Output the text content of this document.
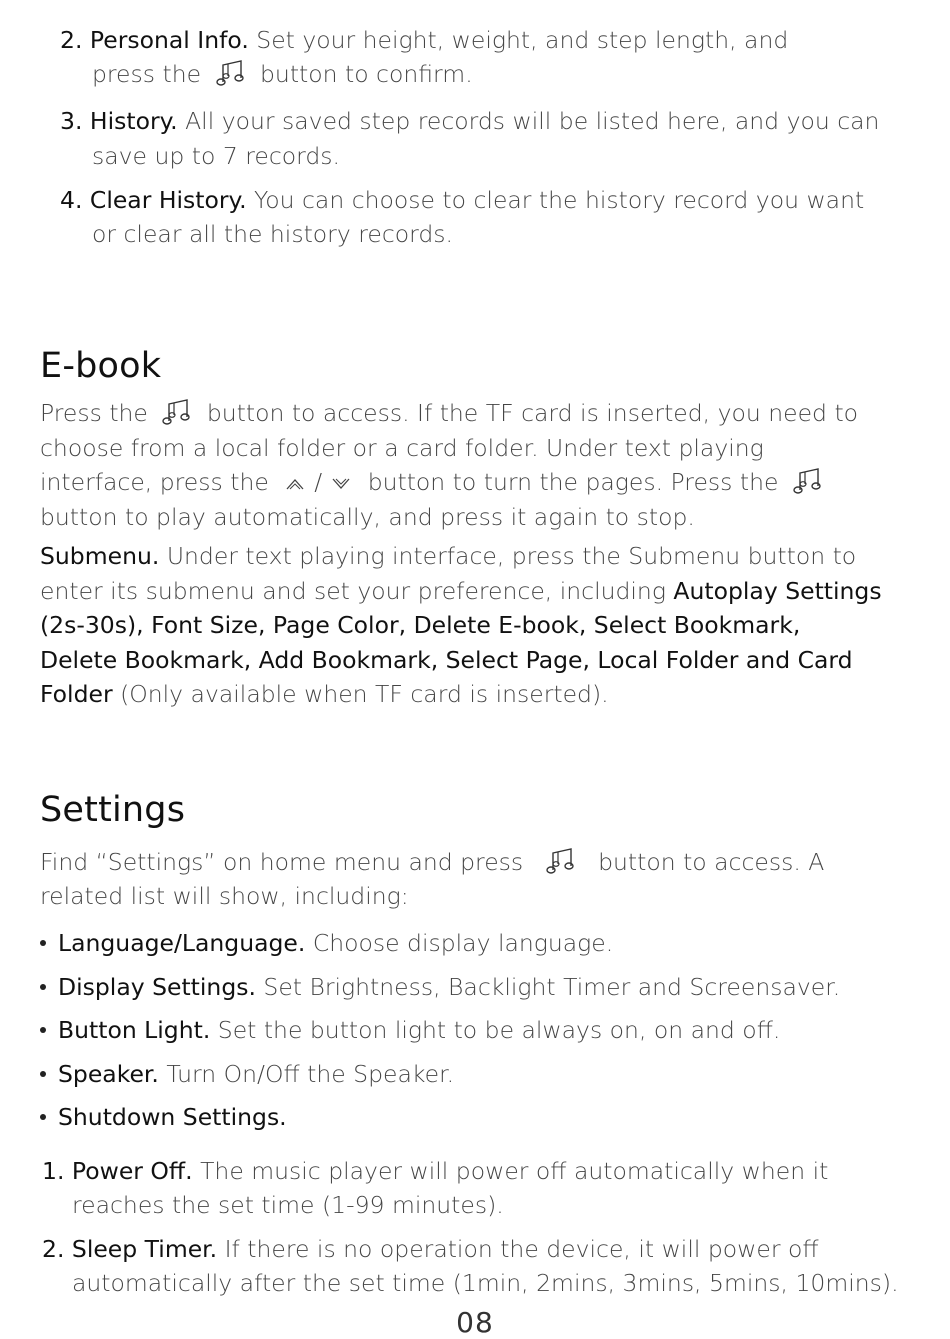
2. Personal Info. Set your height, weight, and step length, and
press the	button to confirm.
3. History. All your saved step records will be listed here, and you can
save up to 7 records.
4. Clear History. You can choose to clear the history record you want
or clear all the history records.
E-book
Press the	button to access. If the TF card is inserted, you need to
choose from a local folder or a card folder. Under text playing
interface, press the / button to turn the pages. Press the
button to play automatically, and press it again to stop.
Submenu. Under text playing interface, press the Submenu button to
enter its submenu and set your preference, including Autoplay Settings
(2s-30s), Font Size, Page Color, Delete E-book, Select Bookmark,
Delete Bookmark, Add Bookmark, Select Page, Local Folder and Card
Folder (Only available when TF card is inserted).
Settings
Find “Settings” on home menu and press	button to access. A
related list will show, including:
Language/Language. Choose display language.
Display Settings. Set Brightness, Backlight Timer and Screensaver.
Button Light. Set the button light to be always on, on and off.
Speaker. Turn On/Off the Speaker.
Shutdown Settings.
1. Power Off. The music player will power off automatically when it
reaches the set time (1-99 minutes).
2. Sleep Timer. If there is no operation the device, it will power off
automatically after the set time (1min, 2mins, 3mins, 5mins, 10mins).
08
